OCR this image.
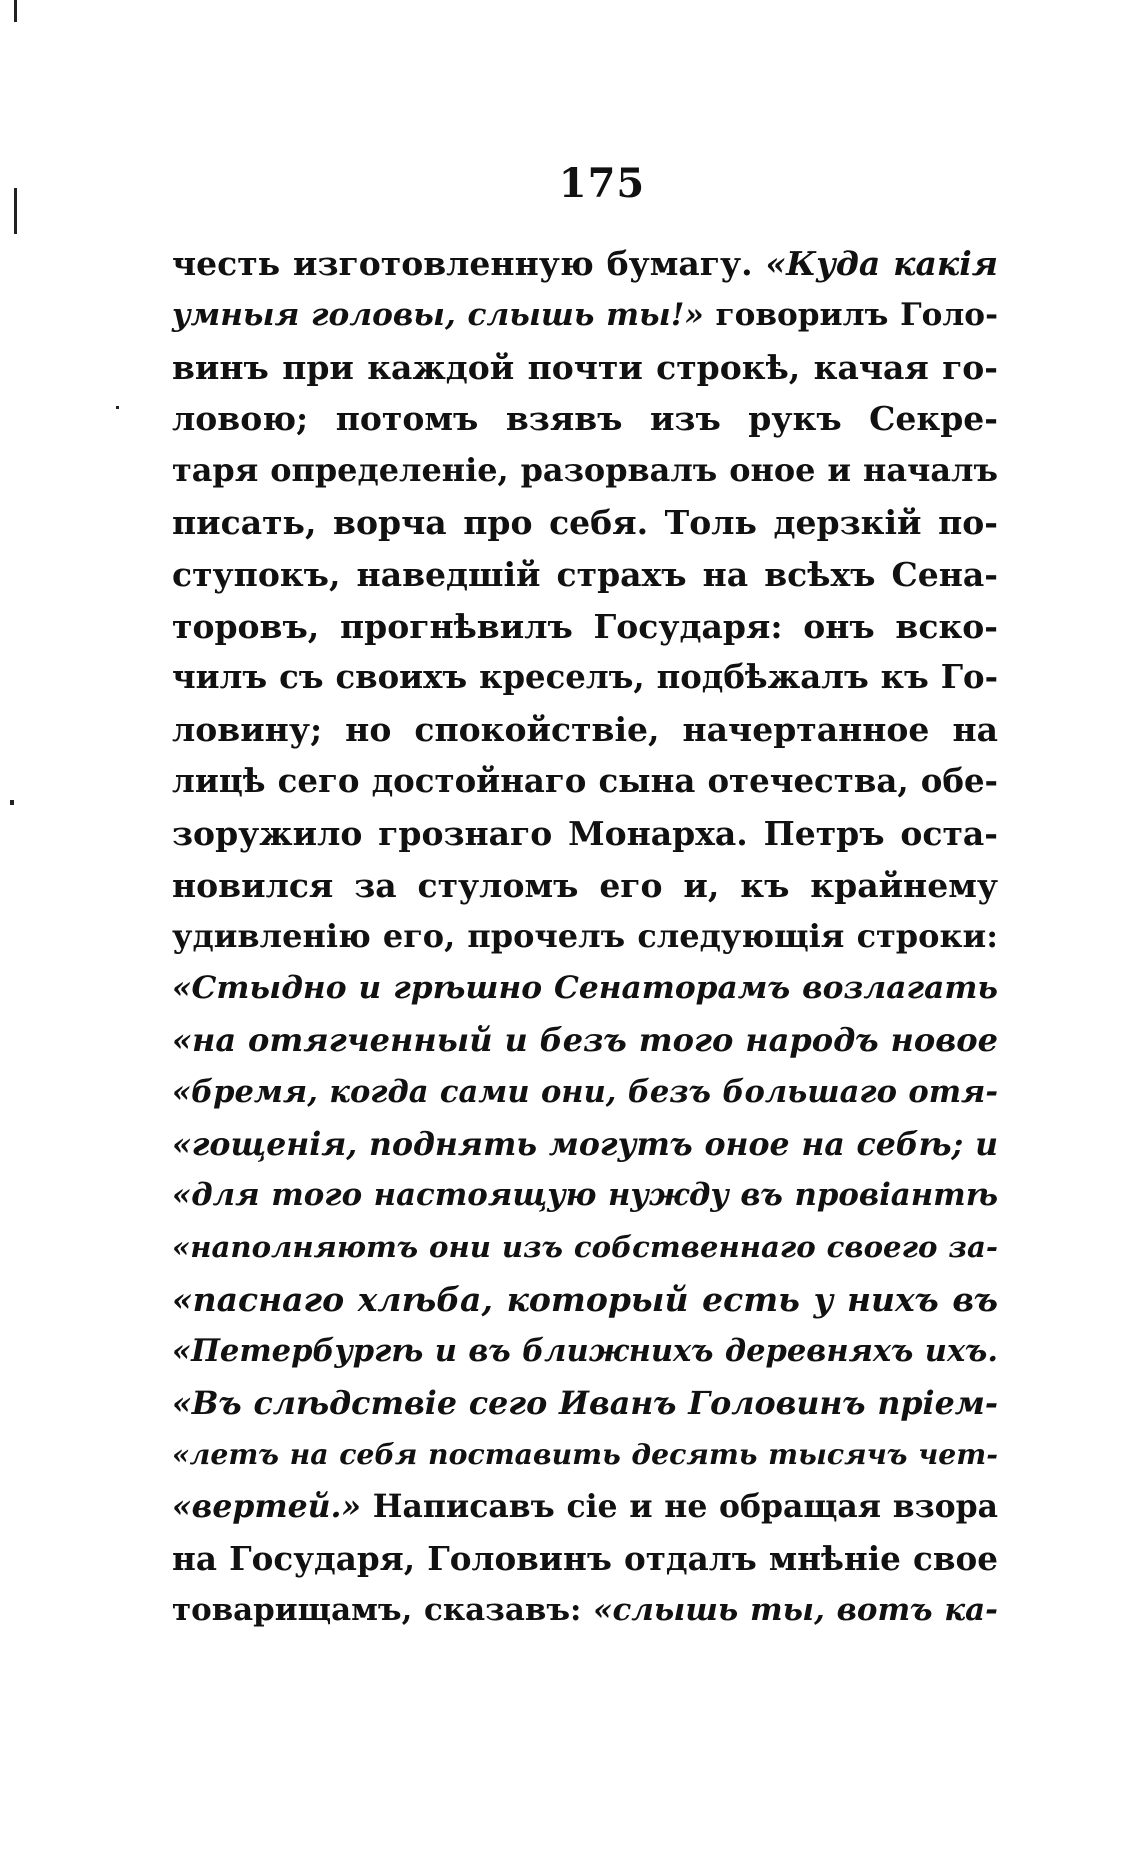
175
честь изготовленную бумагу. «Куда какія
умныя головы, слышь ты!» говорилъ Голо-
винъ при каждой почти строкѣ, качая го-
ловою; потомъ взявъ изъ рукъ Секре-
таря определеніе, разорвалъ оное и началъ
писать, ворча про себя. Толь дерзкій по-
ступокъ, наведшій страхъ на всѣхъ Сена-
торовъ, прогнѣвилъ Государя: онъ вско-
чилъ съ своихъ креселъ, подбѣжалъ къ Го-
ловину; но спокойствіе, начертанное на
лицѣ сего достойнаго сына отечества, обе-
зоружило грознаго Монарха. Петръ оста-
новился за стуломъ его и, къ крайнему
удивленію его, прочелъ следующія строки:
«Стыдно и грѣшно Сенаторамъ возлагать
«на отягченный и безъ того народъ новое
«бремя, когда сами они, безъ большаго отя-
«гощенія, поднять могутъ оное на себѣ; и
«для того настоящую нужду въ провіантѣ
«наполняютъ они изъ собственнаго своего за-
«паснаго хлѣба, который есть у нихъ въ
«Петербургѣ и въ ближнихъ деревняхъ ихъ.
«Въ слѣдствіе сего Иванъ Головинъ пріем-
«летъ на себя поставить десять тысячъ чет-
«вертей.» Написавъ сіе и не обращая взора
на Государя, Головинъ отдалъ мнѣніе свое
товарищамъ, сказавъ: «слышь ты, вотъ ка-
